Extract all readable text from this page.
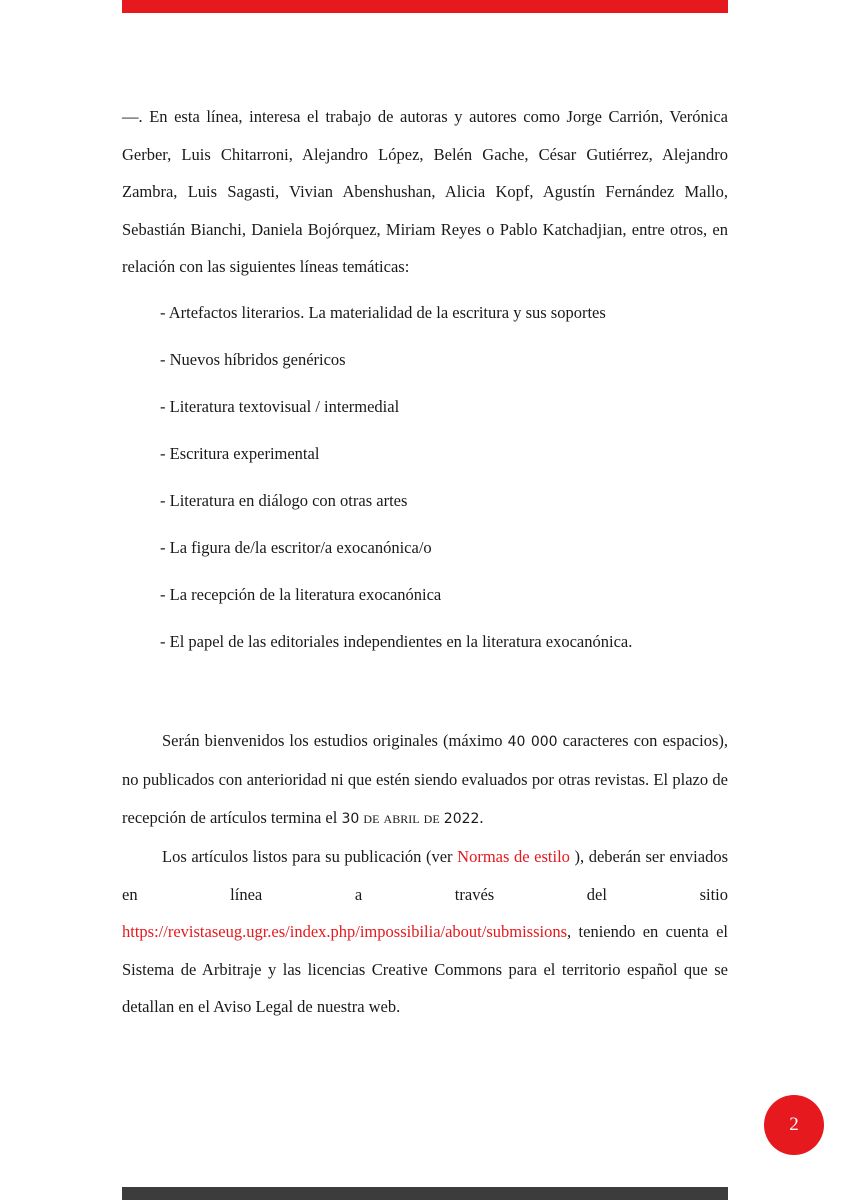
—. En esta línea, interesa el trabajo de autoras y autores como Jorge Carrión, Verónica Gerber, Luis Chitarroni, Alejandro López, Belén Gache, César Gutiérrez, Alejandro Zambra, Luis Sagasti, Vivian Abenshushan, Alicia Kopf, Agustín Fernández Mallo, Sebastián Bianchi, Daniela Bojórquez, Miriam Reyes o Pablo Katchadjian, entre otros, en relación con las siguientes líneas temáticas:

- Artefactos literarios. La materialidad de la escritura y sus soportes
- Nuevos híbridos genéricos
- Literatura textovisual / intermedial
- Escritura experimental
- Literatura en diálogo con otras artes
- La figura de/la escritor/a exocanónica/o
- La recepción de la literatura exocanónica
- El papel de las editoriales independientes en la literatura exocanónica.

Serán bienvenidos los estudios originales (máximo 40 000 caracteres con espacios), no publicados con anterioridad ni que estén siendo evaluados por otras revistas. El plazo de recepción de artículos termina el 30 de abril de 2022.

Los artículos listos para su publicación (ver Normas de estilo ), deberán ser enviados en línea a través del sitio https://revistaseug.ugr.es/index.php/impossibilia/about/submissions, teniendo en cuenta el Sistema de Arbitraje y las licencias Creative Commons para el territorio español que se detallan en el Aviso Legal de nuestra web.

2
